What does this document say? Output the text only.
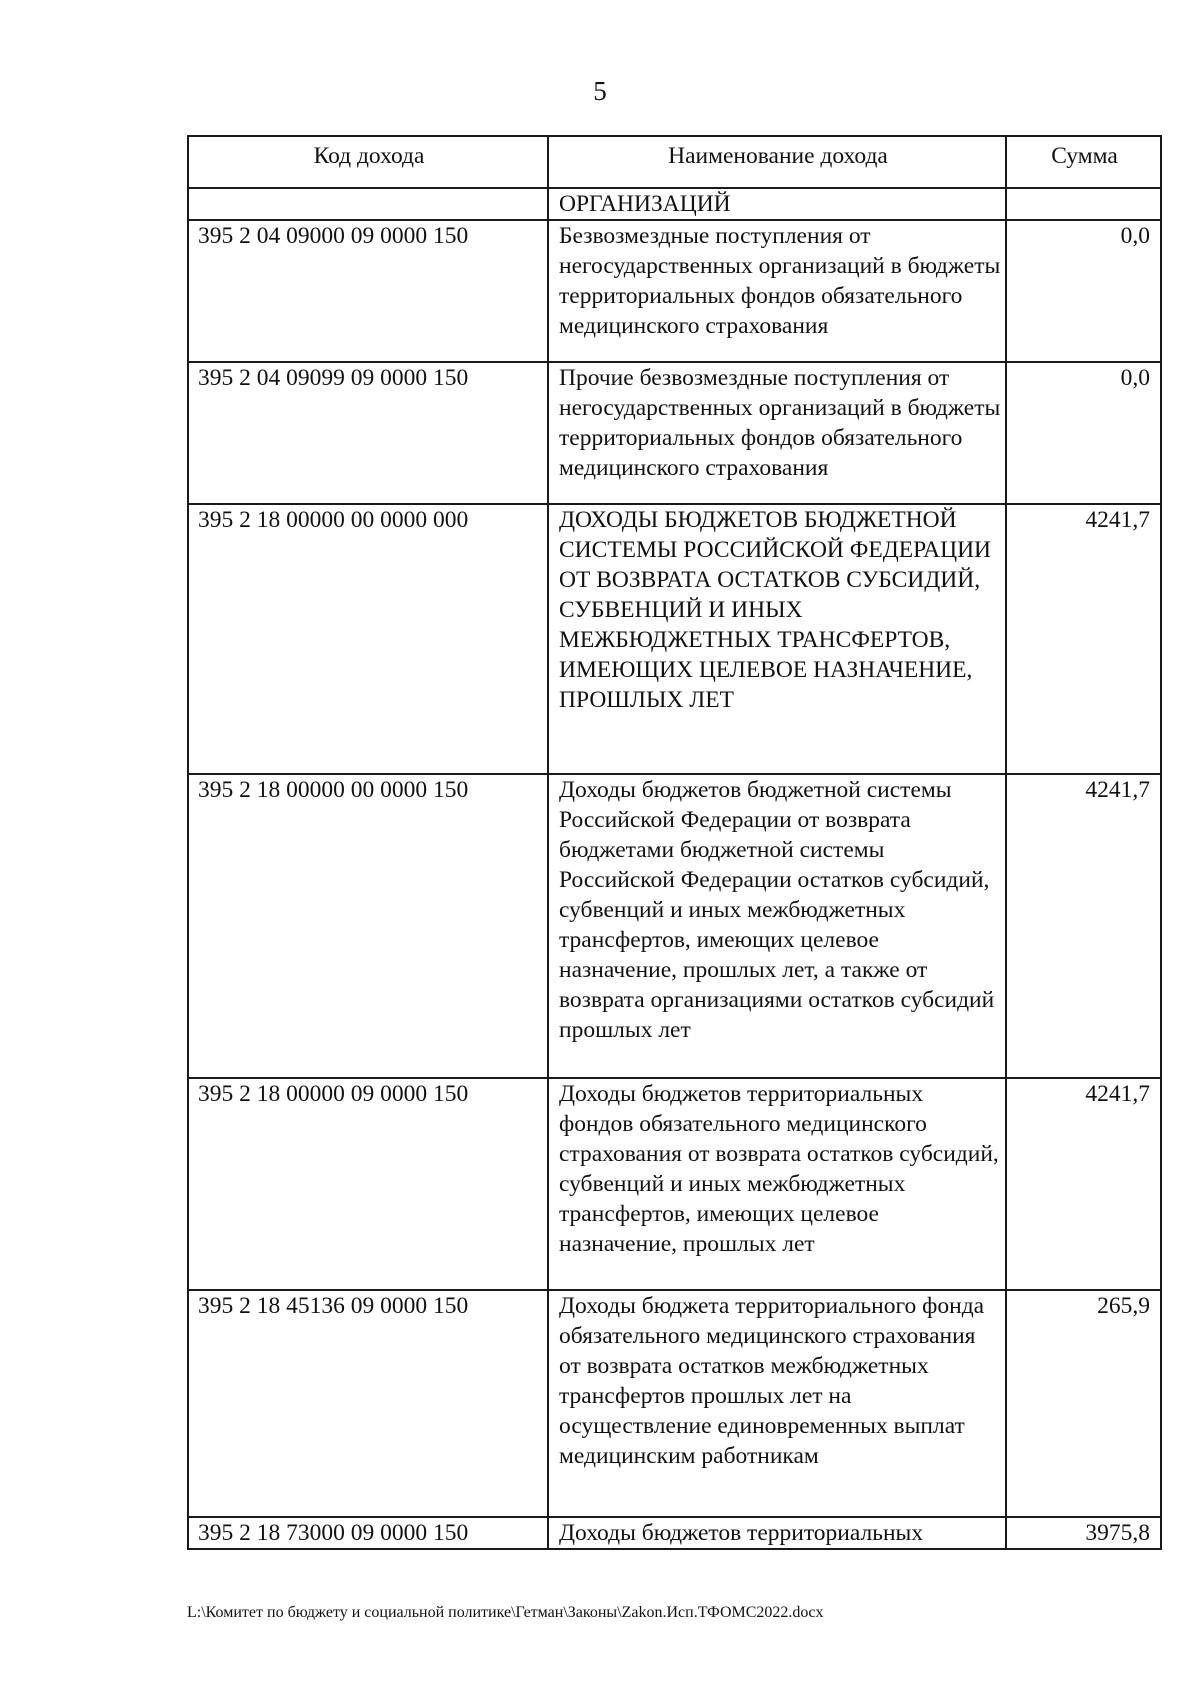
5
Код дохода	Наименование дохода	Сумма
	ОРГАНИЗАЦИЙ	
395 2 04 09000 09 0000 150	Безвозмездные поступления от негосударственных организаций в бюджеты территориальных фондов обязательного медицинского страхования	0,0
395 2 04 09099 09 0000 150	Прочие безвозмездные поступления от негосударственных организаций в бюджеты территориальных фондов обязательного медицинского страхования	0,0
395 2 18 00000 00 0000 000	ДОХОДЫ БЮДЖЕТОВ БЮДЖЕТНОЙ СИСТЕМЫ РОССИЙСКОЙ ФЕДЕРАЦИИ ОТ ВОЗВРАТА ОСТАТКОВ СУБСИДИЙ, СУБВЕНЦИЙ И ИНЫХ МЕЖБЮДЖЕТНЫХ ТРАНСФЕРТОВ, ИМЕЮЩИХ ЦЕЛЕВОЕ НАЗНАЧЕНИЕ, ПРОШЛЫХ ЛЕТ	4241,7
395 2 18 00000 00 0000 150	Доходы бюджетов бюджетной системы Российской Федерации от возврата бюджетами бюджетной системы Российской Федерации остатков субсидий, субвенций и иных межбюджетных трансфертов, имеющих целевое назначение, прошлых лет, а также от возврата организациями остатков субсидий прошлых лет	4241,7
395 2 18 00000 09 0000 150	Доходы бюджетов территориальных фондов обязательного медицинского страхования от возврата остатков субсидий, субвенций и иных межбюджетных трансфертов, имеющих целевое назначение, прошлых лет	4241,7
395 2 18 45136 09 0000 150	Доходы бюджета территориального фонда обязательного медицинского страхования от возврата остатков межбюджетных трансфертов прошлых лет на осуществление единовременных выплат медицинским работникам	265,9
395 2 18 73000 09 0000 150	Доходы бюджетов территориальных	3975,8
L:\Комитет по бюджету и социальной политике\Гетман\Законы\Zakon.Исп.ТФОМС2022.docx
